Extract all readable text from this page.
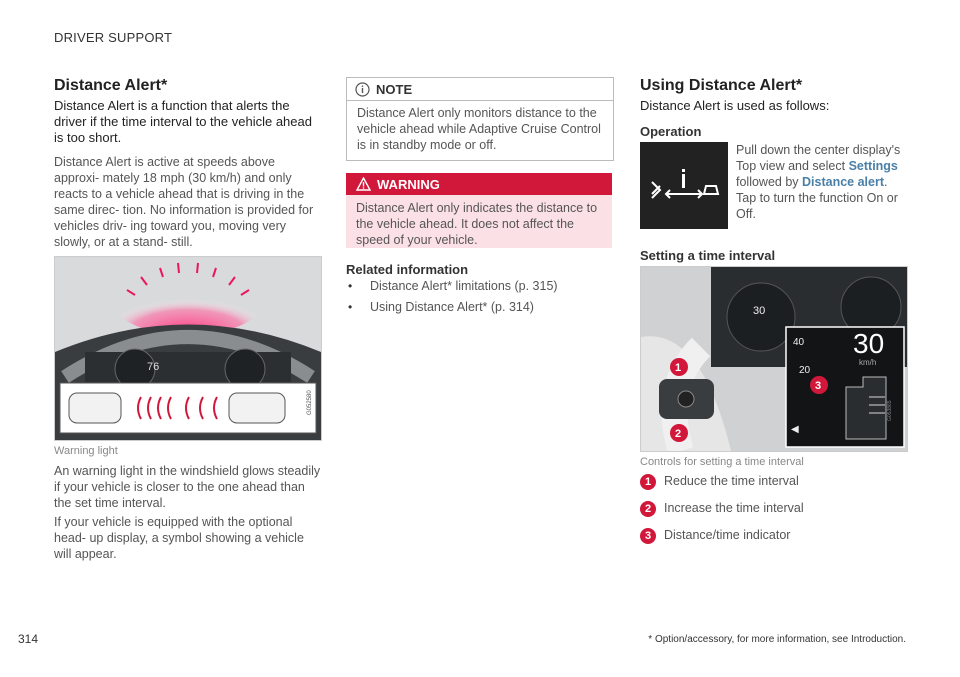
DRIVER SUPPORT
Distance Alert*
Distance Alert is a function that alerts the driver if the time interval to the vehicle ahead is too short.
Distance Alert is active at speeds above approxi- mately 18 mph (30 km/h) and only reacts to a vehicle ahead that is driving in the same direc- tion. No information is provided for vehicles driv- ing toward you, moving very slowly, or at a stand- still.
76
G052580
Warning light
An warning light in the windshield glows steadily if your vehicle is closer to the one ahead than the set time interval.
If your vehicle is equipped with the optional head- up display, a symbol showing a vehicle will appear.
NOTE
Distance Alert only monitors distance to the vehicle ahead while Adaptive Cruise Control is in standby mode or off.
WARNING
Distance Alert only indicates the distance to the vehicle ahead. It does not affect the speed of your vehicle.
Related information
• Distance Alert* limitations (p. 315)
• Using Distance Alert* (p. 314)
Using Distance Alert*
Distance Alert is used as follows:
Operation
Pull down the center display's Top view and select Settings followed by Distance alert. Tap to turn the function On or Off.
Setting a time interval
30
30
km/h
40
20
◀
G053865
1
2
3
Controls for setting a time interval
1	Reduce the time interval
2	Increase the time interval
3	Distance/time indicator
314	* Option/accessory, for more information, see Introduction.
